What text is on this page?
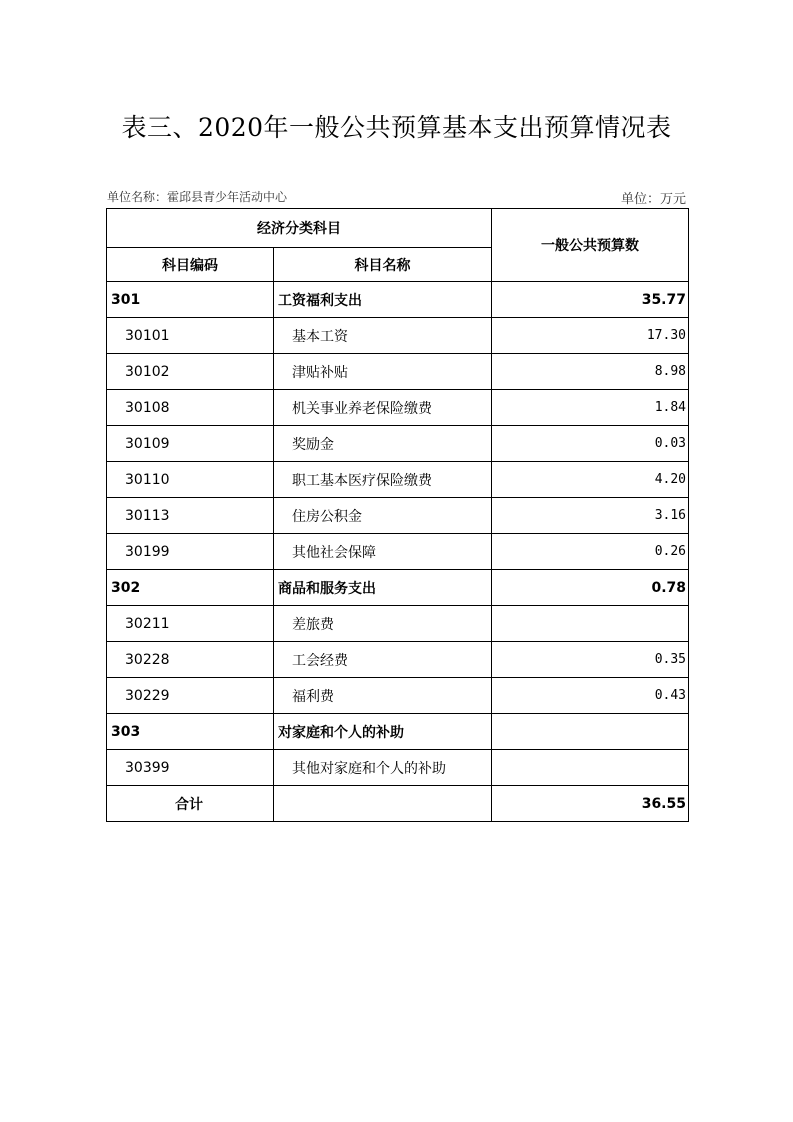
表三、2020年一般公共预算基本支出预算情况表
单位名称：霍邱县青少年活动中心	单位：万元
经济分类科目		一般公共预算数
科目编码	科目名称	
301	工资福利支出	35.77
30101	基本工资	17.30
30102	津贴补贴	8.98
30108	机关事业养老保险缴费	1.84
30109	奖励金	0.03
30110	职工基本医疗保险缴费	4.20
30113	住房公积金	3.16
30199	其他社会保障	0.26
302	商品和服务支出	0.78
30211	差旅费	
30228	工会经费	0.35
30229	福利费	0.43
303	对家庭和个人的补助	
30399	其他对家庭和个人的补助	
合计		36.55
